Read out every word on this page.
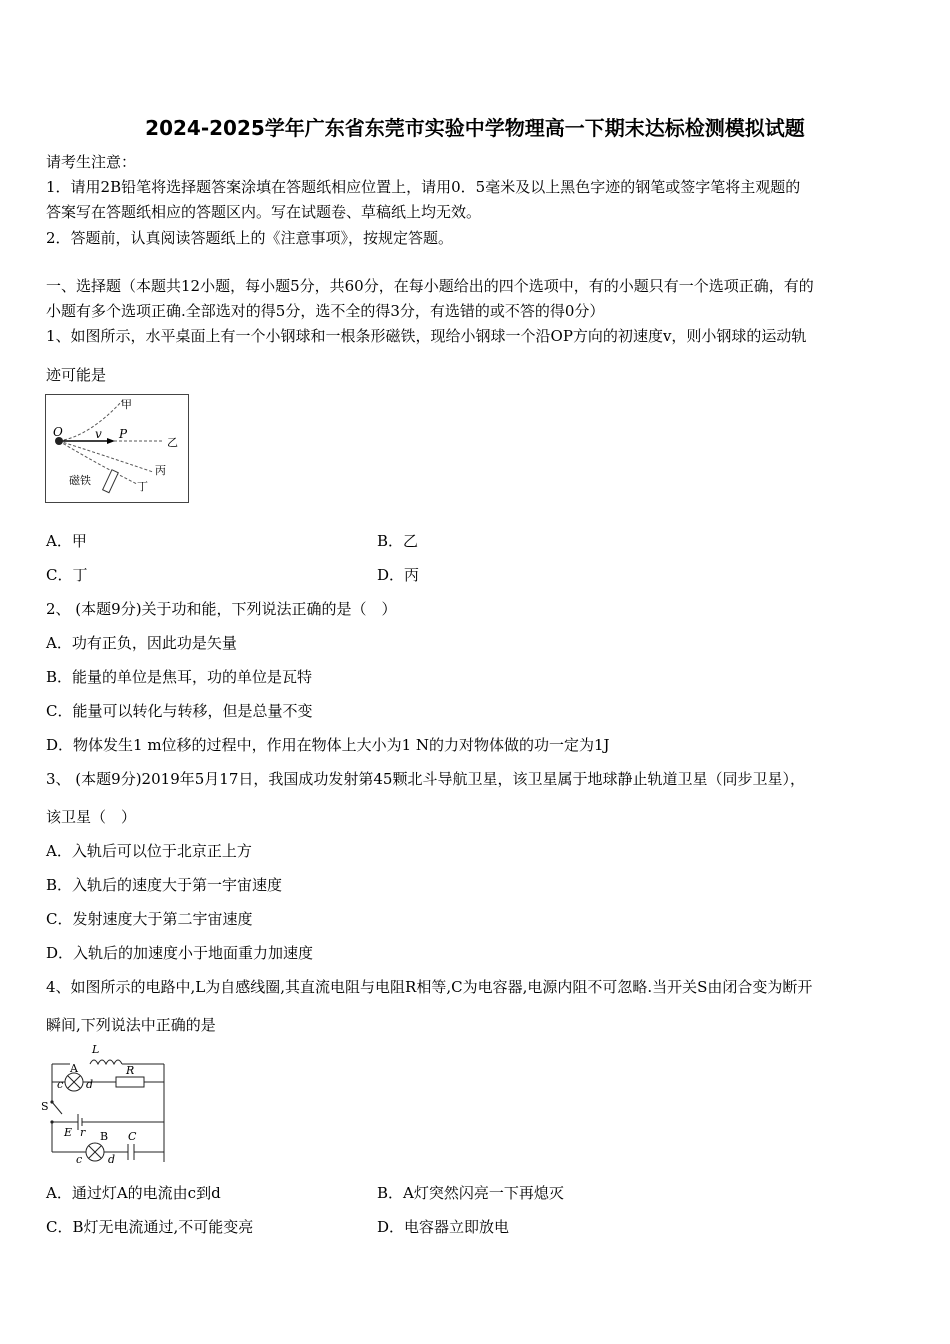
2024-2025学年广东省东莞市实验中学物理高一下期末达标检测模拟试题
请考生注意：
1．请用2B铅笔将选择题答案涂填在答题纸相应位置上，请用0．5毫米及以上黑色字迹的钢笔或签字笔将主观题的
答案写在答题纸相应的答题区内。写在试题卷、草稿纸上均无效。
2．答题前，认真阅读答题纸上的《注意事项》，按规定答题。
一、选择题（本题共12小题，每小题5分，共60分，在每小题给出的四个选项中，有的小题只有一个选项正确，有的
小题有多个选项正确.全部选对的得5分，选不全的得3分，有选错的或不答的得0分）
1、如图所示，水平桌面上有一个小钢球和一根条形磁铁，现给小钢球一个沿OP方向的初速度v，则小钢球的运动轨
迹可能是
O	v P
甲
乙
丙
丁
磁铁
A．甲	B．乙
C．丁	D．丙
2、 (本题9分)关于功和能，下列说法正确的是（　）
A．功有正负，因此功是矢量
B．能量的单位是焦耳，功的单位是瓦特
C．能量可以转化与转移，但是总量不变
D．物体发生1 m位移的过程中，作用在物体上大小为1 N的力对物体做的功一定为1J
3、 (本题9分)2019年5月17日，我国成功发射第45颗北斗导航卫星，该卫星属于地球静止轨道卫星（同步卫星），
该卫星（　）
A．入轨后可以位于北京正上方
B．入轨后的速度大于第一宇宙速度
C．发射速度大于第二宇宙速度
D．入轨后的加速度小于地面重力加速度
4、如图所示的电路中,L为自感线圈,其直流电阻与电阻R相等,C为电容器,电源内阻不可忽略.当开关S由闭合变为断开
瞬间,下列说法中正确的是
L
A
c d
R
S
E r B C
c d
A．通过灯A的电流由c到d	B．A灯突然闪亮一下再熄灭
C．B灯无电流通过,不可能变亮	D．电容器立即放电
